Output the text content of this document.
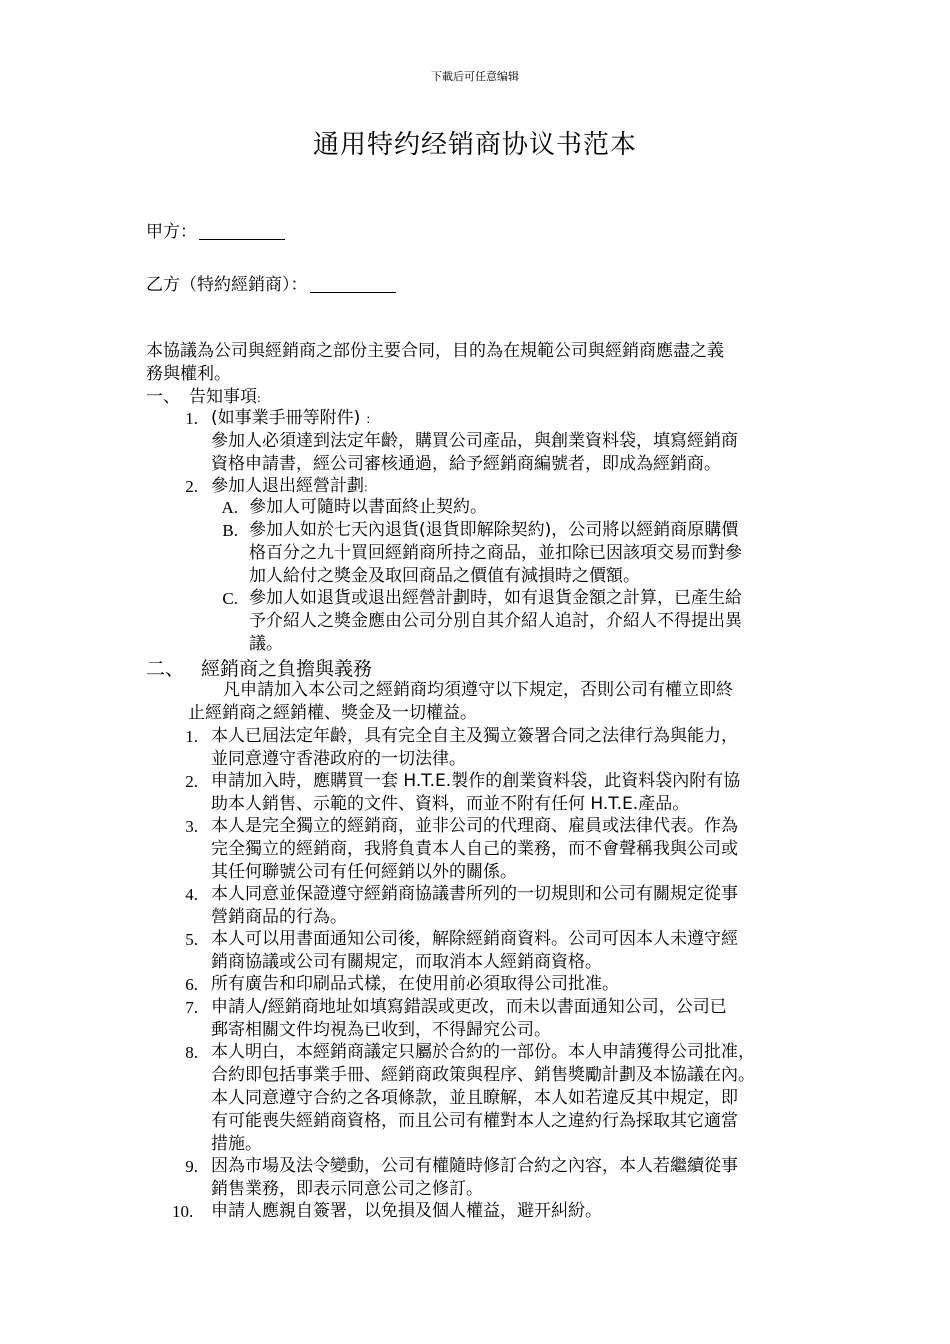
下載后可任意编辑
通用特约经销商协议书范本
甲方：
乙方（特約經銷商）：
本協議為公司與經銷商之部份主要合同，目的為在規範公司與經銷商應盡之義
務與權利。
一、 告知事項:
1. (如事業手冊等附件) :
參加人必須達到法定年齡，購買公司產品，與創業資料袋，填寫經銷商
資格申請書，經公司審核通過，給予經銷商編號者，即成為經銷商。
2. 參加人退出經營計劃:
A. 參加人可隨時以書面終止契約。
B. 參加人如於七天內退貨(退貨即解除契約)，公司將以經銷商原購價
格百分之九十買回經銷商所持之商品，並扣除已因該項交易而對參
加人給付之獎金及取回商品之價值有減損時之價額。
C. 參加人如退貨或退出經營計劃時，如有退貨金額之計算，已產生給
予介紹人之獎金應由公司分別自其介紹人追討，介紹人不得提出異
議。
二、 經銷商之負擔與義務
凡申請加入本公司之經銷商均須遵守以下規定，否則公司有權立即終
止經銷商之經銷權、獎金及一切權益。
1. 本人已屆法定年齡，具有完全自主及獨立簽署合同之法律行為與能力，
並同意遵守香港政府的一切法律。
2. 申請加入時，應購買一套 H.T.E.製作的創業資料袋，此資料袋內附有協
助本人銷售、示範的文件、資料，而並不附有任何 H.T.E.產品。
3. 本人是完全獨立的經銷商，並非公司的代理商、雇員或法律代表。作為
完全獨立的經銷商，我將負責本人自己的業務，而不會聲稱我與公司或
其任何聯號公司有任何經銷以外的關係。
4. 本人同意並保證遵守經銷商協議書所列的一切規則和公司有關規定從事
營銷商品的行為。
5. 本人可以用書面通知公司後，解除經銷商資料。公司可因本人未遵守經
銷商協議或公司有關規定，而取消本人經銷商資格。
6. 所有廣告和印刷品式樣，在使用前必須取得公司批准。
7. 申請人/經銷商地址如填寫錯誤或更改，而未以書面通知公司，公司已
郵寄相關文件均視為已收到，不得歸究公司。
8. 本人明白，本經銷商議定只屬於合約的一部份。本人申請獲得公司批准，
合約即包括事業手冊、經銷商政策與程序、銷售獎勵計劃及本協議在內。
本人同意遵守合約之各項條款，並且瞭解，本人如若違反其中規定，即
有可能喪失經銷商資格，而且公司有權對本人之違約行為採取其它適當
措施。
9. 因為市場及法令變動，公司有權隨時修訂合約之內容，本人若繼續從事
銷售業務，即表示同意公司之修訂。
10.	申請人應親自簽署，以免損及個人權益，避开糾紛。
